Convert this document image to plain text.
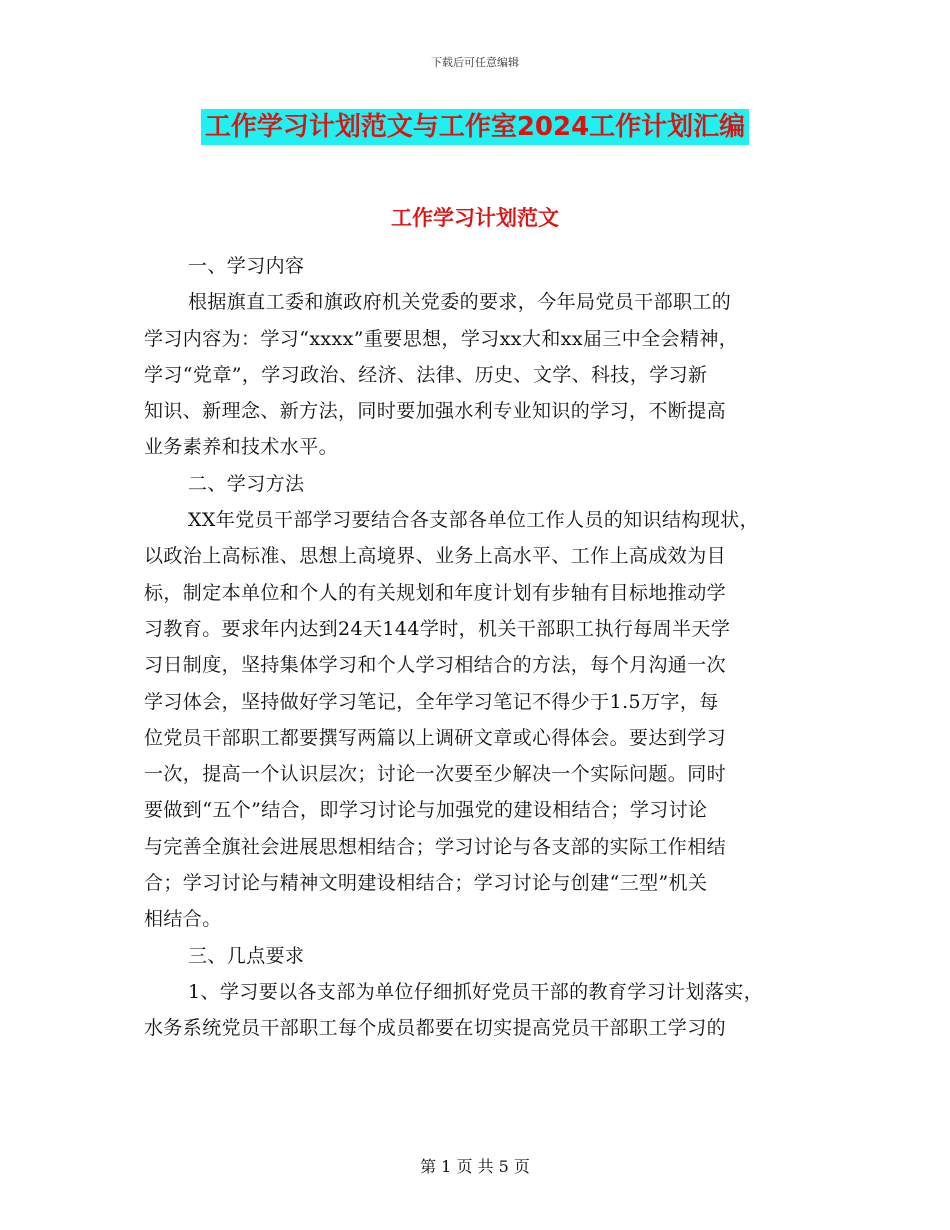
下载后可任意编辑
工作学习计划范文与工作室2024工作计划汇编
工作学习计划范文
一、学习内容
根据旗直工委和旗政府机关党委的要求，今年局党员干部职工的
学习内容为：学习“xxxx”重要思想，学习xx大和xx届三中全会精神，
学习“党章”，学习政治、经济、法律、历史、文学、科技，学习新
知识、新理念、新方法，同时要加强水利专业知识的学习，不断提高
业务素养和技术水平。
二、学习方法
XX年党员干部学习要结合各支部各单位工作人员的知识结构现状，
以政治上高标准、思想上高境界、业务上高水平、工作上高成效为目
标，制定本单位和个人的有关规划和年度计划有步轴有目标地推动学
习教育。要求年内达到24天144学时，机关干部职工执行每周半天学
习日制度，坚持集体学习和个人学习相结合的方法，每个月沟通一次
学习体会，坚持做好学习笔记，全年学习笔记不得少于1.5万字，每
位党员干部职工都要撰写两篇以上调研文章或心得体会。要达到学习
一次，提高一个认识层次；讨论一次要至少解决一个实际问题。同时
要做到“五个”结合，即学习讨论与加强党的建设相结合；学习讨论
与完善全旗社会进展思想相结合；学习讨论与各支部的实际工作相结
合；学习讨论与精神文明建设相结合；学习讨论与创建“三型”机关
相结合。
三、几点要求
1、学习要以各支部为单位仔细抓好党员干部的教育学习计划落实，
水务系统党员干部职工每个成员都要在切实提高党员干部职工学习的
第 1 页 共 5 页
